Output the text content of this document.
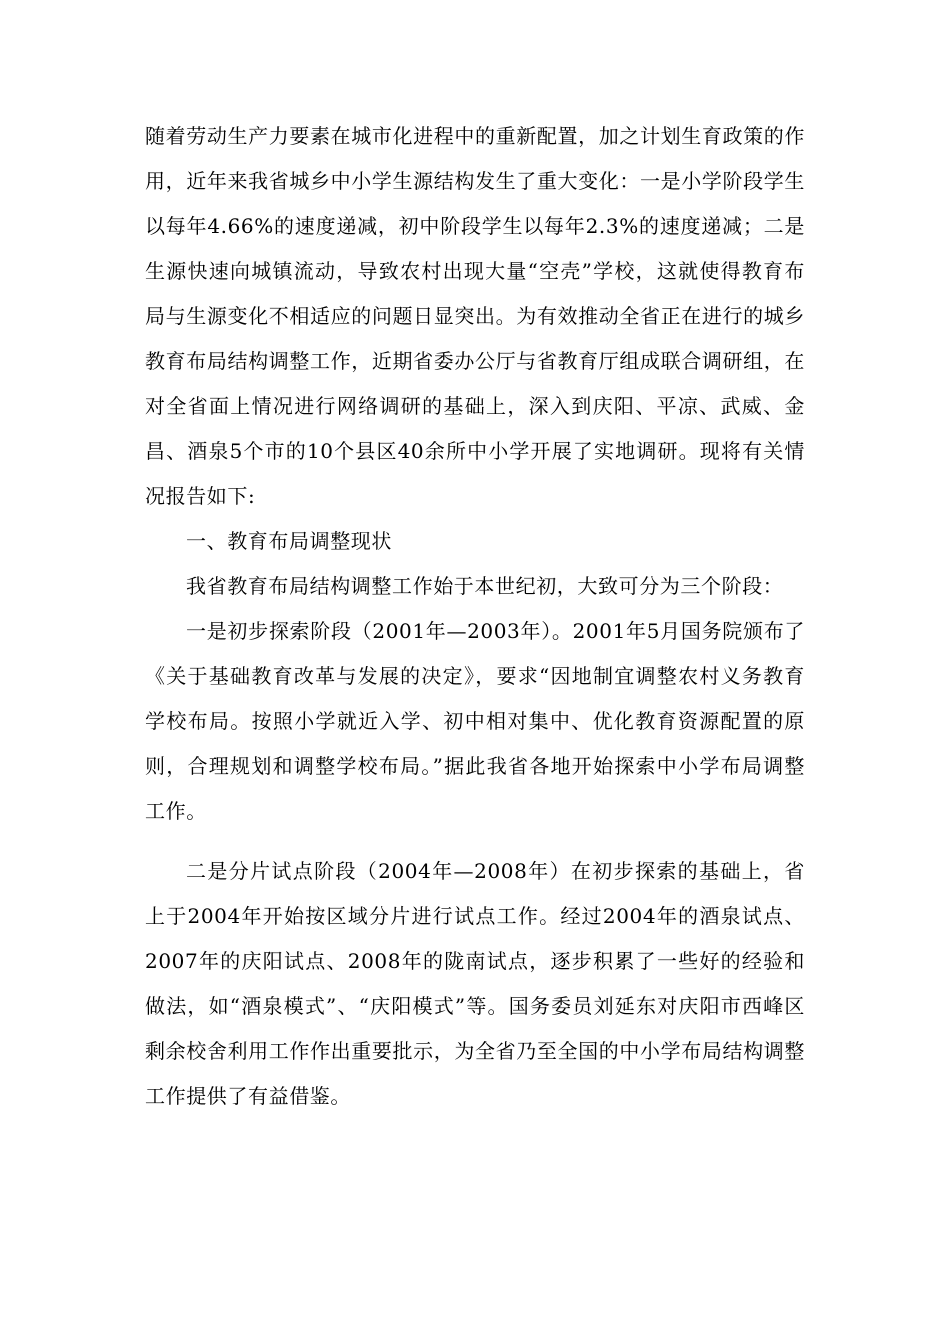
随着劳动生产力要素在城市化进程中的重新配置，加之计划生育政策的作用，近年来我省城乡中小学生源结构发生了重大变化：一是小学阶段学生以每年4.66%的速度递减，初中阶段学生以每年2.3%的速度递减；二是生源快速向城镇流动，导致农村出现大量“空壳”学校，这就使得教育布局与生源变化不相适应的问题日显突出。为有效推动全省正在进行的城乡教育布局结构调整工作，近期省委办公厅与省教育厅组成联合调研组，在对全省面上情况进行网络调研的基础上，深入到庆阳、平凉、武威、金昌、酒泉5个市的10个县区40余所中小学开展了实地调研。现将有关情况报告如下:

一、教育布局调整现状

我省教育布局结构调整工作始于本世纪初，大致可分为三个阶段：

一是初步探索阶段（2001年—2003年）。2001年5月国务院颁布了《关于基础教育改革与发展的决定》，要求“因地制宜调整农村义务教育学校布局。按照小学就近入学、初中相对集中、优化教育资源配置的原则，合理规划和调整学校布局。”据此我省各地开始探索中小学布局调整工作。

二是分片试点阶段（2004年—2008年）在初步探索的基础上，省上于2004年开始按区域分片进行试点工作。经过2004年的酒泉试点、2007年的庆阳试点、2008年的陇南试点，逐步积累了一些好的经验和做法，如“酒泉模式”、“庆阳模式”等。国务委员刘延东对庆阳市西峰区剩余校舍利用工作作出重要批示，为全省乃至全国的中小学布局结构调整工作提供了有益借鉴。
